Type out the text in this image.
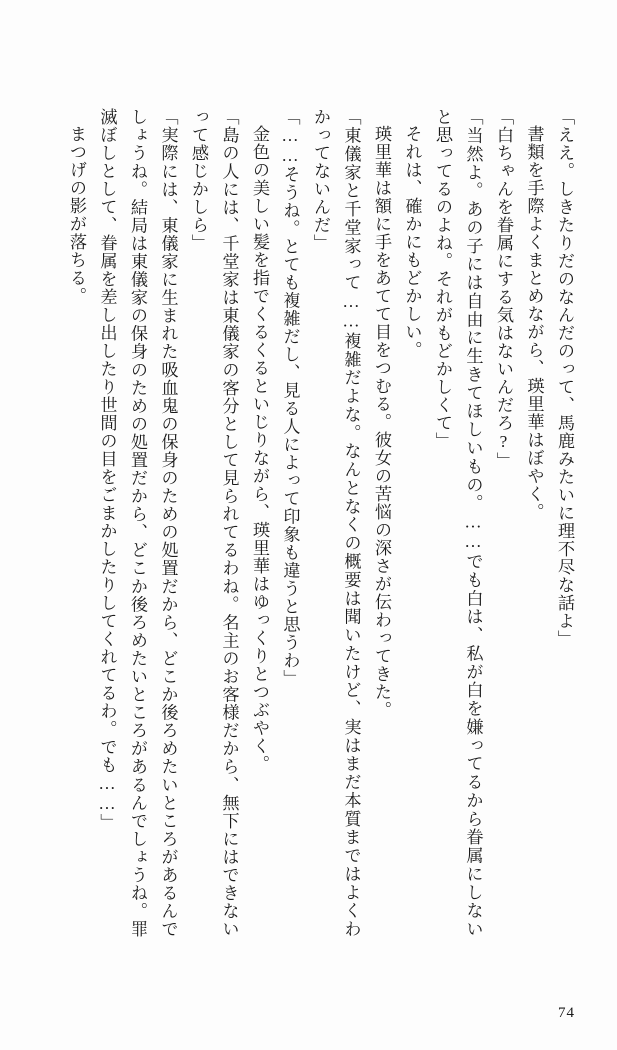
「ええ。しきたりだのなんだのって、馬鹿みたいに理不尽な話よ」

書類を手際よくまとめながら、瑛里華はぼやく。

「白ちゃんを眷属にする気はないんだろ?」

「当然よ。あの子には自由に生きてほしいもの。……でも白は、私が白を嫌ってるから眷属にしないと思ってるのよね。それがもどかしくて」

それは、確かにもどかしい。

瑛里華は額に手をあてて目をつむる。彼女の苦悩の深さが伝わってきた。

「東儀家と千堂家って……複雑だよな。なんとなくの概要は聞いたけど、実はまだ本質まではよくわかってないんだ」

「……そうね。とても複雑だし、見る人によって印象も違うと思うわ」

金色の美しい髪を指でくるくるといじりながら、瑛里華はゆっくりとつぶやく。

「島の人には、千堂家は東儀家の客分として見られてるわね。名主のお客様だから、無下にはできないって感じかしら」

「実際には、東儀家に生まれた吸血鬼の保身のための処置だから、どこか後ろめたいところがあるんでしょうね。結局は東儀家の保身のための処置だから、どこか後ろめたいところがあるんでしょうね。罪滅ぼしとして、眷属を差し出したり世間の目をごまかしたりしてくれてるわ。でも……」

まつげの影が落ちる。

74
